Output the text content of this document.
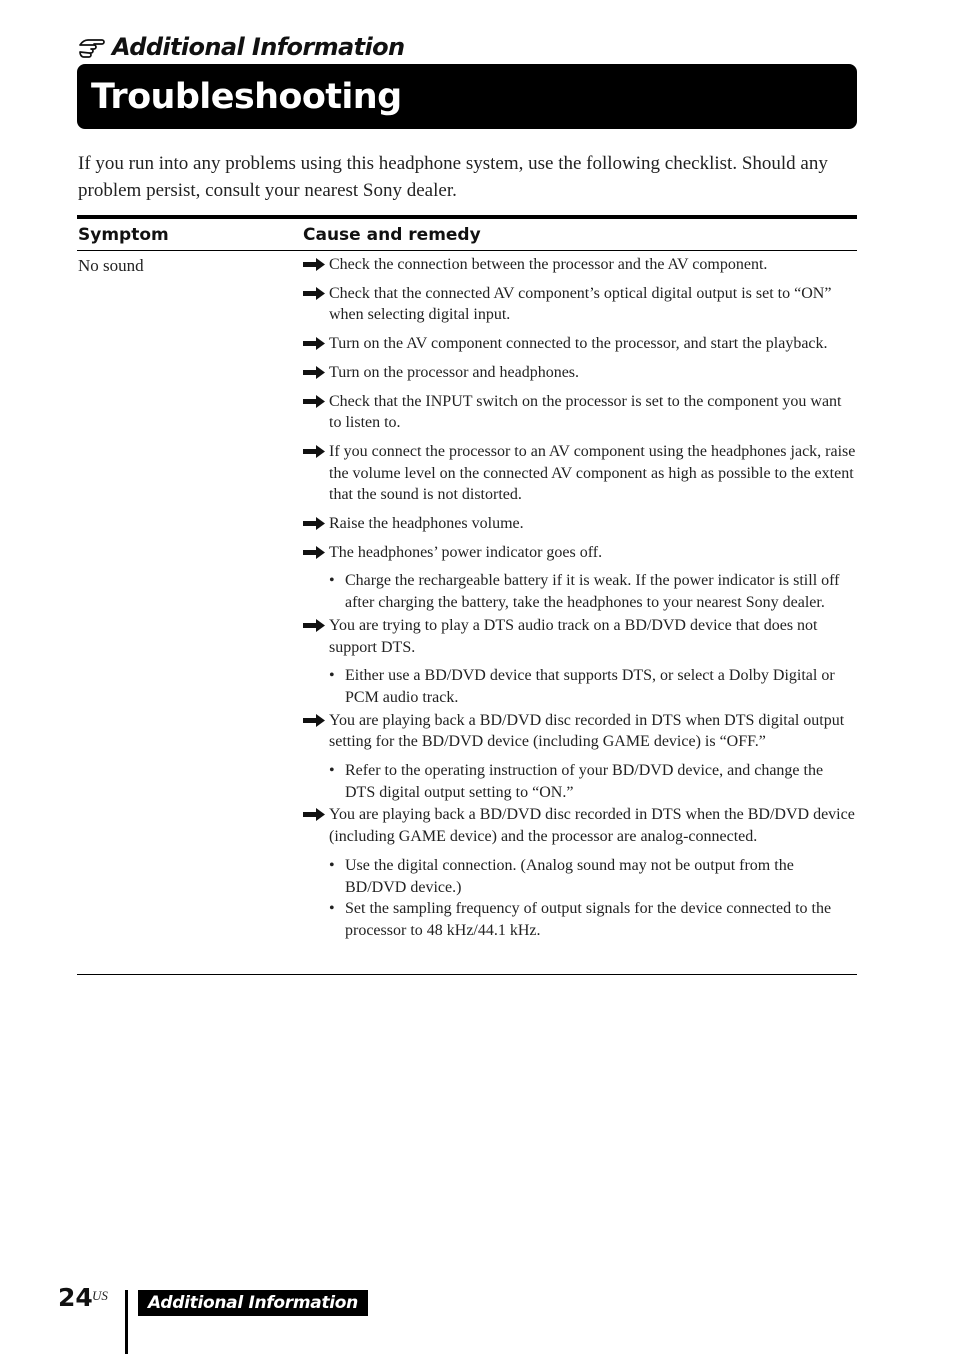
Additional Information
Troubleshooting

If you run into any problems using this headphone system, use the following checklist. Should any problem persist, consult your nearest Sony dealer.

Symptom	Cause and remedy
No sound	Check the connection between the processor and the AV component.
Check that the connected AV component’s optical digital output is set to “ON” when selecting digital input.
Turn on the AV component connected to the processor, and start the playback.
Turn on the processor and headphones.
Check that the INPUT switch on the processor is set to the component you want to listen to.
If you connect the processor to an AV component using the headphones jack, raise the volume level on the connected AV component as high as possible to the extent that the sound is not distorted.
Raise the headphones volume.
The headphones’ power indicator goes off.
• Charge the rechargeable battery if it is weak. If the power indicator is still off after charging the battery, take the headphones to your nearest Sony dealer.
You are trying to play a DTS audio track on a BD/DVD device that does not support DTS.
• Either use a BD/DVD device that supports DTS, or select a Dolby Digital or PCM audio track.
You are playing back a BD/DVD disc recorded in DTS when DTS digital output setting for the BD/DVD device (including GAME device) is “OFF.”
• Refer to the operating instruction of your BD/DVD device, and change the DTS digital output setting to “ON.”
You are playing back a BD/DVD disc recorded in DTS when the BD/DVD device (including GAME device) and the processor are analog-connected.
• Use the digital connection. (Analog sound may not be output from the BD/DVD device.)
• Set the sampling frequency of output signals for the device connected to the processor to 48 kHz/44.1 kHz.
24 US	Additional Information
